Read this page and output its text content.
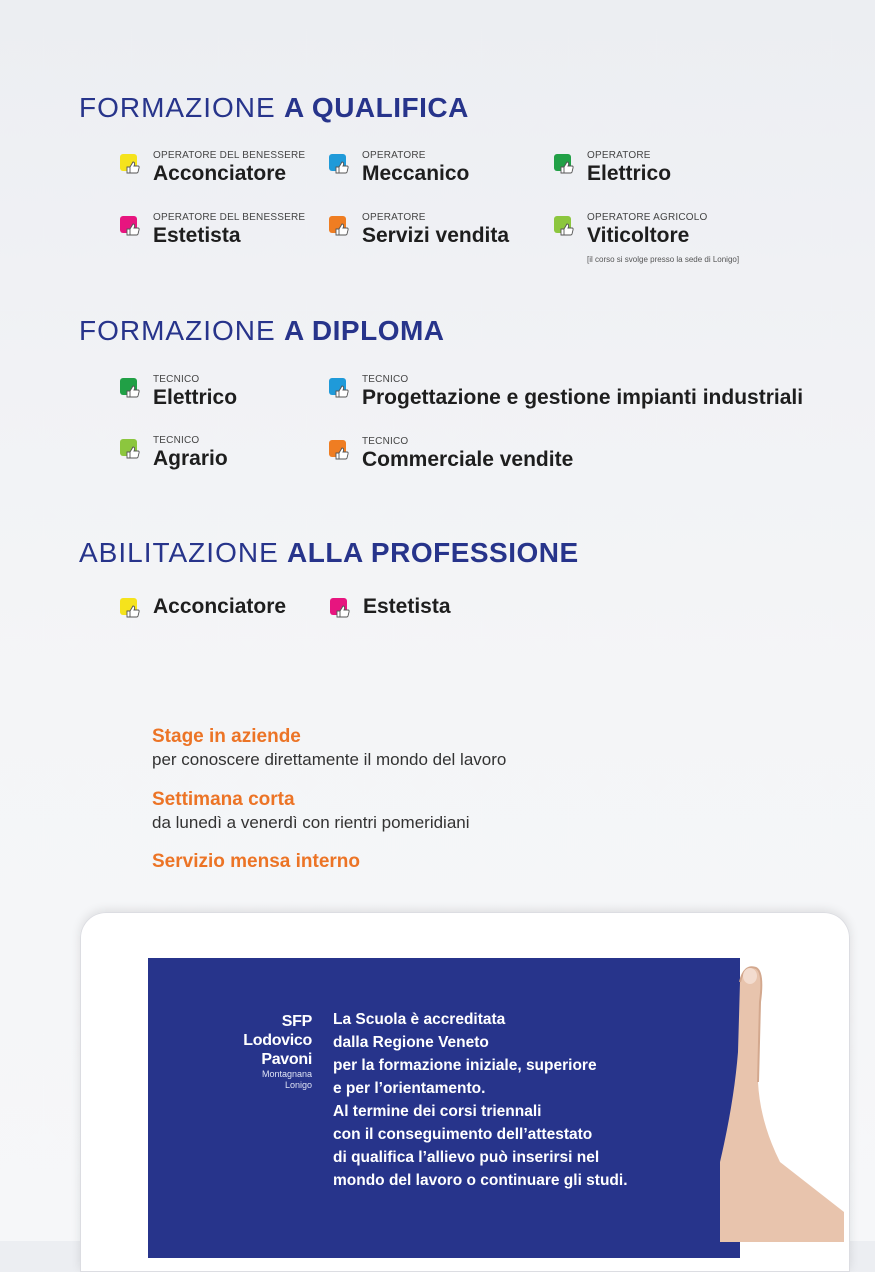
FORMAZIONE A QUALIFICA
OPERATORE DEL BENESSERE
Acconciatore
OPERATORE
Meccanico
OPERATORE
Elettrico
OPERATORE DEL BENESSERE
Estetista
OPERATORE
Servizi vendita
OPERATORE AGRICOLO
Viticoltore
[il corso si svolge presso la sede di Lonigo]
FORMAZIONE A DIPLOMA
TECNICO
Elettrico
TECNICO
Progettazione e gestione impianti industriali
TECNICO
Agrario
TECNICO
Commerciale vendite
ABILITAZIONE ALLA PROFESSIONE
Acconciatore	Estetista
Stage in aziende
per conoscere direttamente il mondo del lavoro
Settimana corta
da lunedì a venerdì con rientri pomeridiani
Servizio mensa interno
SFP
Lodovico
Pavoni
Montagnana
Lonigo
La Scuola è accreditata
dalla Regione Veneto
per la formazione iniziale, superiore
e per l’orientamento.
Al termine dei corsi triennali
con il conseguimento dell’attestato
di qualifica l’allievo può inserirsi nel
mondo del lavoro o continuare gli studi.
